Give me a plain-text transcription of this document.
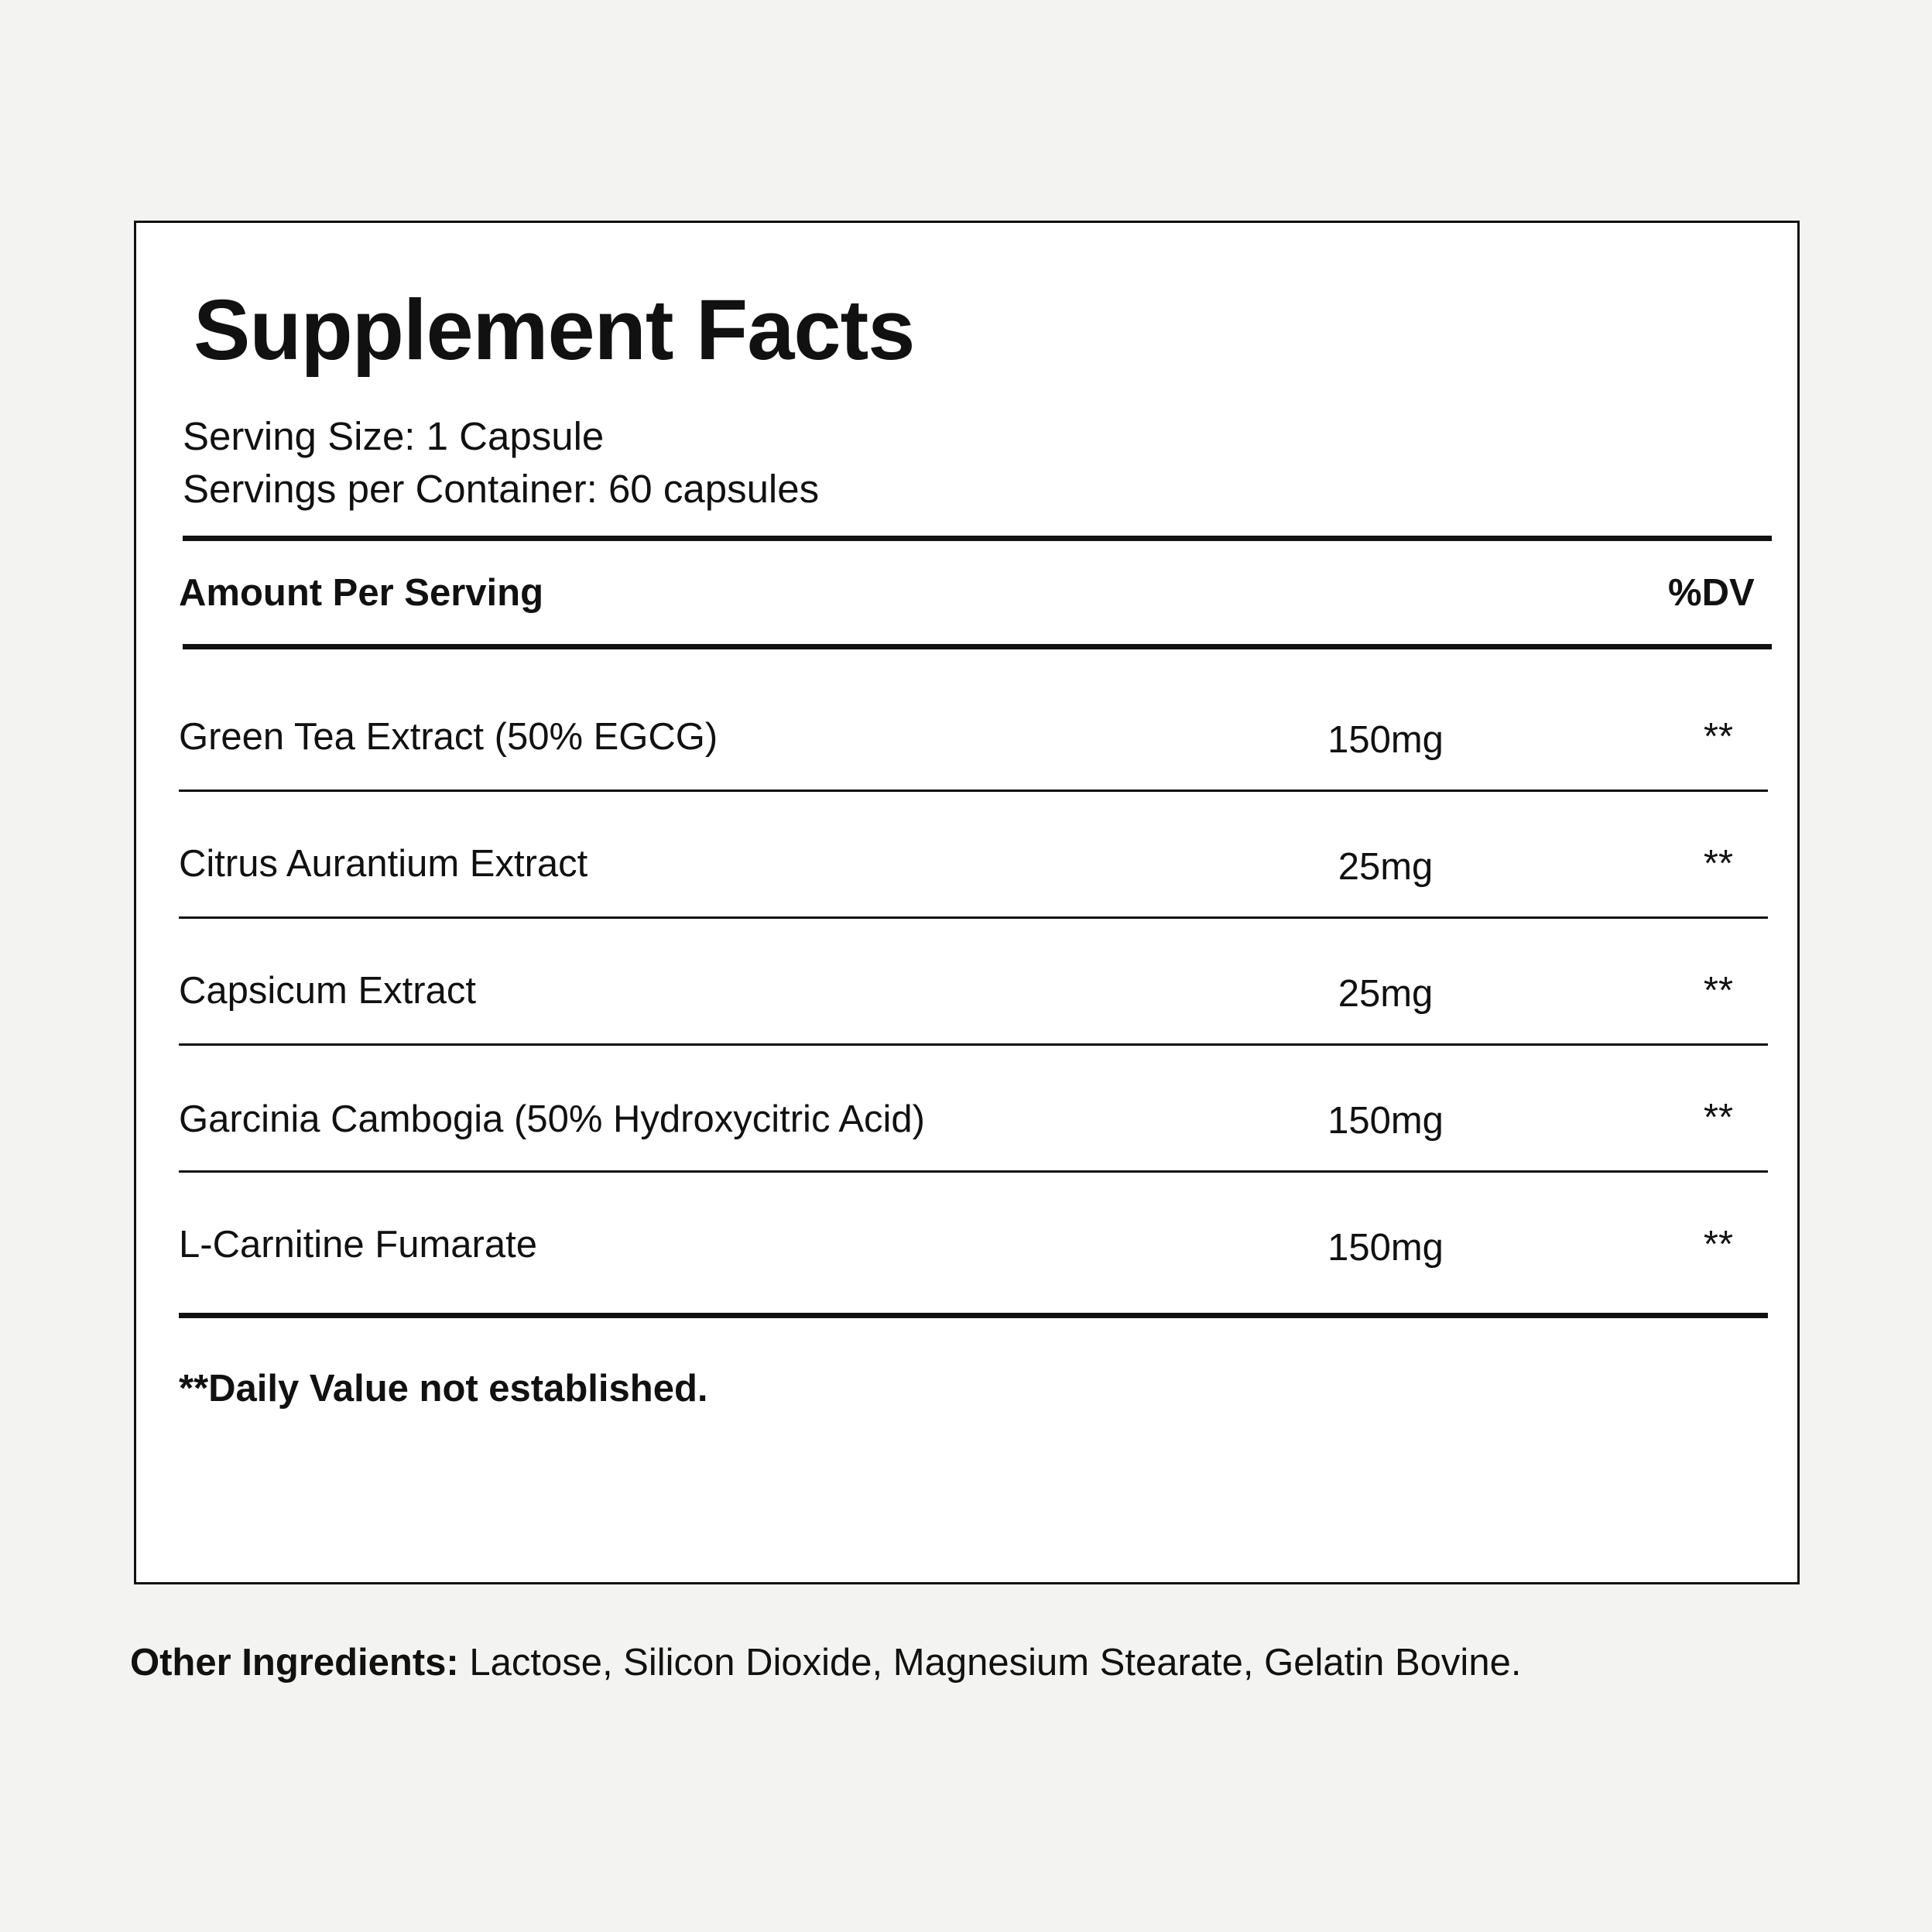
Supplement Facts
Serving Size: 1 Capsule
Servings per Container: 60 capsules
Amount Per Serving	%DV
Green Tea Extract (50% EGCG)	150mg	**
Citrus Aurantium Extract	25mg	**
Capsicum Extract	25mg	**
Garcinia Cambogia (50% Hydroxycitric Acid)	150mg	**
L-Carnitine Fumarate	150mg	**
**Daily Value not established.
Other Ingredients: Lactose, Silicon Dioxide, Magnesium Stearate, Gelatin Bovine.
